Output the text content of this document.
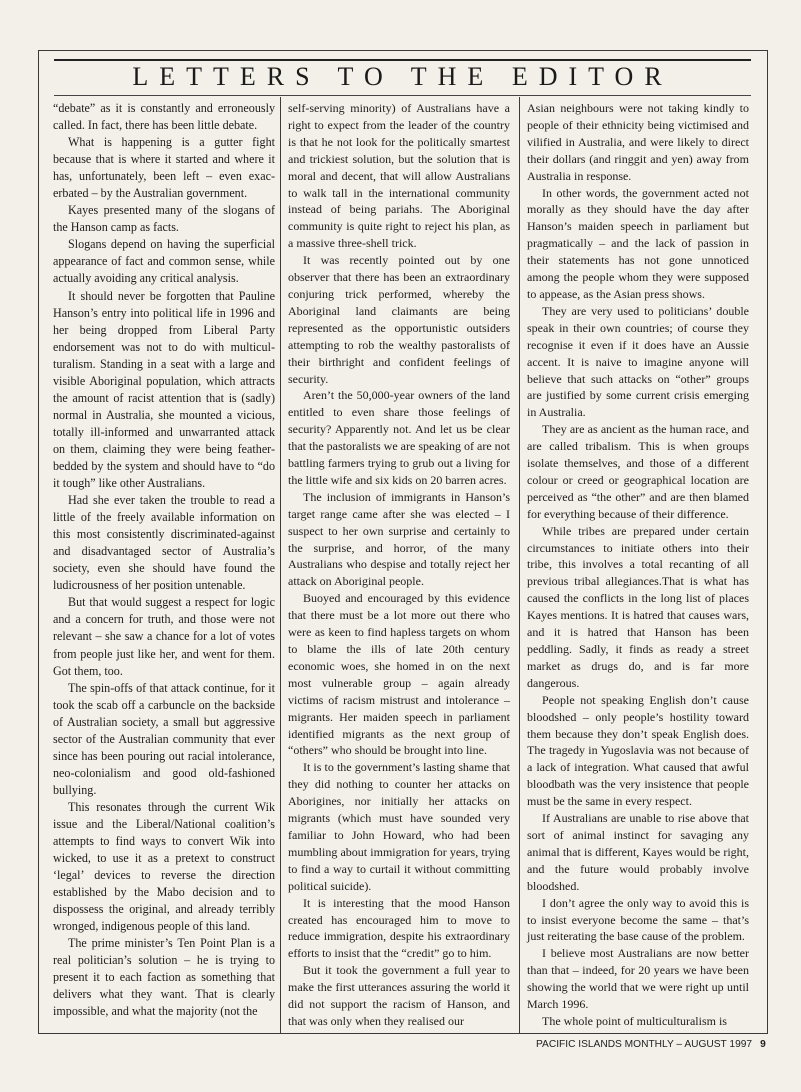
LETTERS TO THE EDITOR

“debate” as it is constantly and erroneously called. In fact, there has been little debate.

What is happening is a gutter fight because that is where it started and where it has, unfortunately, been left – even exacerbated – by the Australian government.

Kayes presented many of the slogans of the Hanson camp as facts.

Slogans depend on having the superficial appearance of fact and common sense, while actually avoiding any critical analysis.

It should never be forgotten that Pauline Hanson’s entry into political life in 1996 and her being dropped from Liberal Party endorsement was not to do with multiculturalism. Standing in a seat with a large and visible Aboriginal population, which attracts the amount of racist attention that is (sadly) normal in Australia, she mounted a vicious, totally ill-informed and unwarranted attack on them, claiming they were being feather-bedded by the system and should have to “do it tough” like other Australians.

Had she ever taken the trouble to read a little of the freely available information on this most consistently discriminated-against and disadvantaged sector of Australia’s society, even she should have found the ludicrousness of her position untenable.

But that would suggest a respect for logic and a concern for truth, and those were not relevant – she saw a chance for a lot of votes from people just like her, and went for them. Got them, too.

The spin-offs of that attack continue, for it took the scab off a carbuncle on the backside of Australian society, a small but aggressive sector of the Australian community that ever since has been pouring out racial intolerance, neo-colonialism and good old-fashioned bullying.

This resonates through the current Wik issue and the Liberal/National coalition’s attempts to find ways to convert Wik into wicked, to use it as a pretext to construct ‘legal’ devices to reverse the direction established by the Mabo decision and to dispossess the original, and already terribly wronged, indigenous people of this land.

The prime minister’s Ten Point Plan is a real politician’s solution – he is trying to present it to each faction as something that delivers what they want. That is clearly impossible, and what the majority (not the

self-serving minority) of Australians have a right to expect from the leader of the country is that he not look for the politically smartest and trickiest solution, but the solution that is moral and decent, that will allow Australians to walk tall in the international community instead of being pariahs. The Aboriginal community is quite right to reject his plan, as a massive three-shell trick.

It was recently pointed out by one observer that there has been an extraordinary conjuring trick performed, whereby the Aboriginal land claimants are being represented as the opportunistic outsiders attempting to rob the wealthy pastoralists of their birthright and confident feelings of security.

Aren’t the 50,000-year owners of the land entitled to even share those feelings of security? Apparently not. And let us be clear that the pastoralists we are speaking of are not battling farmers trying to grub out a living for the little wife and six kids on 20 barren acres.

The inclusion of immigrants in Hanson’s target range came after she was elected – I suspect to her own surprise and certainly to the surprise, and horror, of the many Australians who despise and totally reject her attack on Aboriginal people.

Buoyed and encouraged by this evidence that there must be a lot more out there who were as keen to find hapless targets on whom to blame the ills of late 20th century economic woes, she homed in on the next most vulnerable group – again already victims of racism mistrust and intolerance – migrants. Her maiden speech in parliament identified migrants as the next group of “others” who should be brought into line.

It is to the government’s lasting shame that they did nothing to counter her attacks on Aborigines, nor initially her attacks on migrants (which must have sounded very familiar to John Howard, who had been mumbling about immigration for years, trying to find a way to curtail it without committing political suicide).

It is interesting that the mood Hanson created has encouraged him to move to reduce immigration, despite his extraordinary efforts to insist that the “credit” go to him.

But it took the government a full year to make the first utterances assuring the world it did not support the racism of Hanson, and that was only when they realised our

Asian neighbours were not taking kindly to people of their ethnicity being victimised and vilified in Australia, and were likely to direct their dollars (and ringgit and yen) away from Australia in response.

In other words, the government acted not morally as they should have the day after Hanson’s maiden speech in parliament but pragmatically – and the lack of passion in their statements has not gone unnoticed among the people whom they were supposed to appease, as the Asian press shows.

They are very used to politicians’ double speak in their own countries; of course they recognise it even if it does have an Aussie accent. It is naive to imagine anyone will believe that such attacks on “other” groups are justified by some current crisis emerging in Australia.

They are as ancient as the human race, and are called tribalism. This is when groups isolate themselves, and those of a different colour or creed or geographical location are perceived as “the other” and are then blamed for everything because of their difference.

While tribes are prepared under certain circumstances to initiate others into their tribe, this involves a total recanting of all previous tribal allegiances.That is what has caused the conflicts in the long list of places Kayes mentions. It is hatred that causes wars, and it is hatred that Hanson has been peddling. Sadly, it finds as ready a street market as drugs do, and is far more dangerous.

People not speaking English don’t cause bloodshed – only people’s hostility toward them because they don’t speak English does. The tragedy in Yugoslavia was not because of a lack of integration. What caused that awful bloodbath was the very insistence that people must be the same in every respect.

If Australians are unable to rise above that sort of animal instinct for savaging any animal that is different, Kayes would be right, and the future would probably involve bloodshed.

I don’t agree the only way to avoid this is to insist everyone become the same – that’s just reiterating the base cause of the problem.

I believe most Australians are now better than that – indeed, for 20 years we have been showing the world that we were right up until March 1996.

The whole point of multiculturalism is

PACIFIC ISLANDS MONTHLY – AUGUST 1997 9
